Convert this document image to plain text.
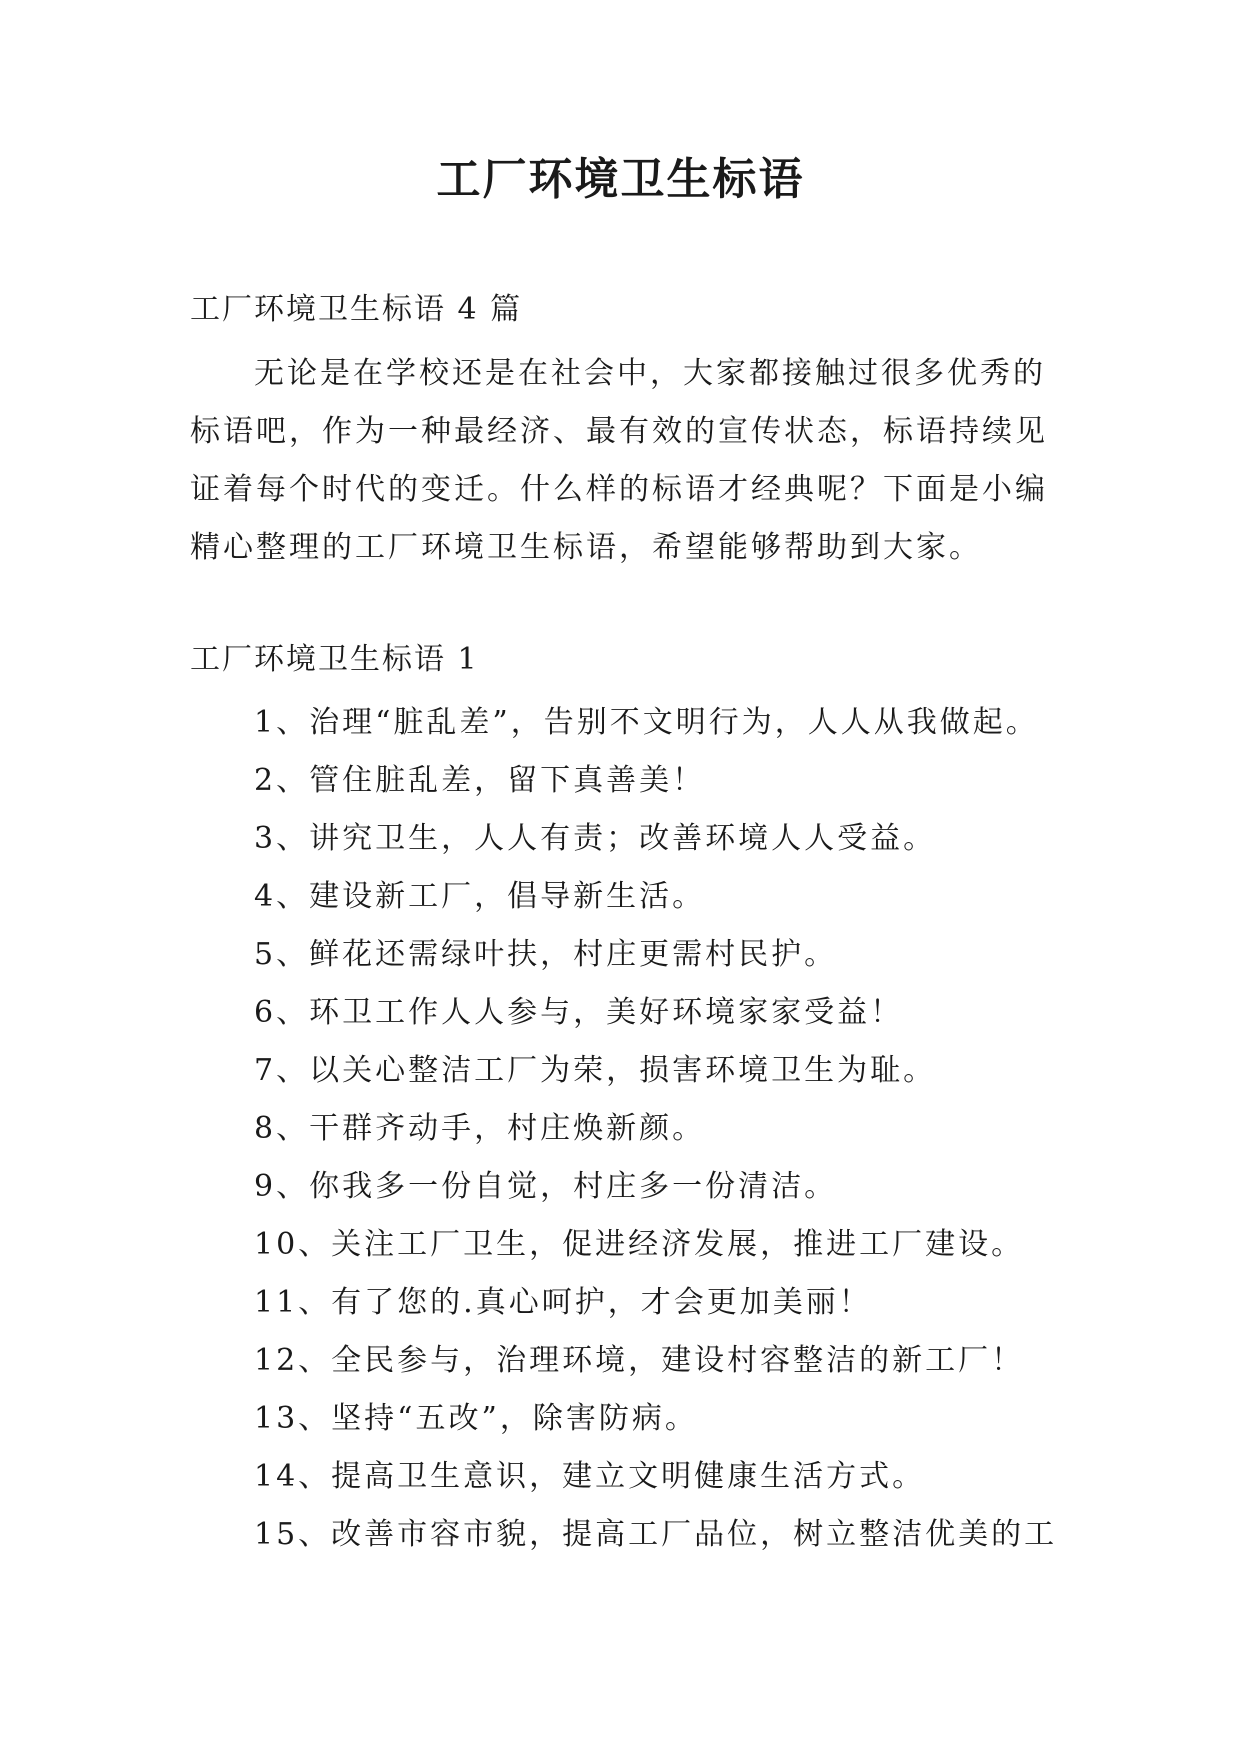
工厂环境卫生标语
工厂环境卫生标语 4 篇

无论是在学校还是在社会中，大家都接触过很多优秀的标语吧，作为一种最经济、最有效的宣传状态，标语持续见证着每个时代的变迁。什么样的标语才经典呢？下面是小编精心整理的工厂环境卫生标语，希望能够帮助到大家。

工厂环境卫生标语 1
1、治理“脏乱差”，告别不文明行为，人人从我做起。
2、管住脏乱差，留下真善美！
3、讲究卫生，人人有责；改善环境人人受益。
4、建设新工厂，倡导新生活。
5、鲜花还需绿叶扶，村庄更需村民护。
6、环卫工作人人参与，美好环境家家受益！
7、以关心整洁工厂为荣，损害环境卫生为耻。
8、干群齐动手，村庄焕新颜。
9、你我多一份自觉，村庄多一份清洁。
10、关注工厂卫生，促进经济发展，推进工厂建设。
11、有了您的.真心呵护，才会更加美丽！
12、全民参与，治理环境，建设村容整洁的新工厂！
13、坚持“五改”，除害防病。
14、提高卫生意识，建立文明健康生活方式。
15、改善市容市貌，提高工厂品位，树立整洁优美的工
